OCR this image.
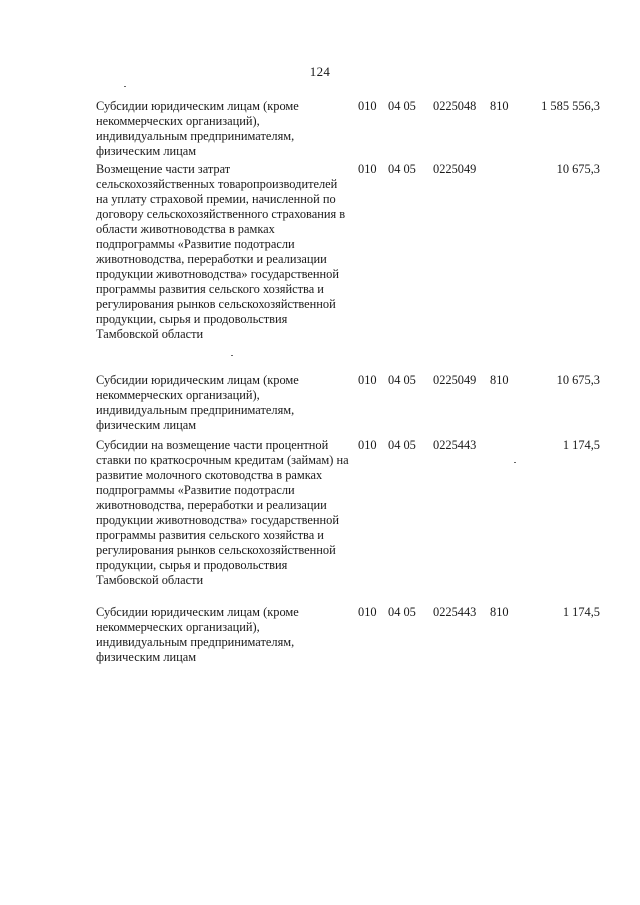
124
Субсидии юридическим лицам (кроме некоммерческих организаций), индивидуальным предпринимателям, физическим лицам
010 04 05 0225048 810	1 585 556,3
Возмещение части затрат сельскохозяйственных товаропроизводителей на уплату страховой премии, начисленной по договору сельскохозяйственного страхования в области животноводства в рамках подпрограммы «Развитие подотрасли животноводства, переработки и реализации продукции животноводства» государственной программы развития сельского хозяйства и регулирования рынков сельскохозяйственной продукции, сырья и продовольствия Тамбовской области
010 04 05 0225049	10 675,3
Субсидии юридическим лицам (кроме некоммерческих организаций), индивидуальным предпринимателям, физическим лицам
010 04 05 0225049 810	10 675,3
Субсидии на возмещение части процентной ставки по краткосрочным кредитам (займам) на развитие молочного скотоводства в рамках подпрограммы «Развитие подотрасли животноводства, переработки и реализации продукции животноводства» государственной программы развития сельского хозяйства и регулирования рынков сельскохозяйственной продукции, сырья и продовольствия Тамбовской области
010 04 05 0225443	1 174,5
Субсидии юридическим лицам (кроме некоммерческих организаций), индивидуальным предпринимателям, физическим лицам
010 04 05 0225443 810	1 174,5
